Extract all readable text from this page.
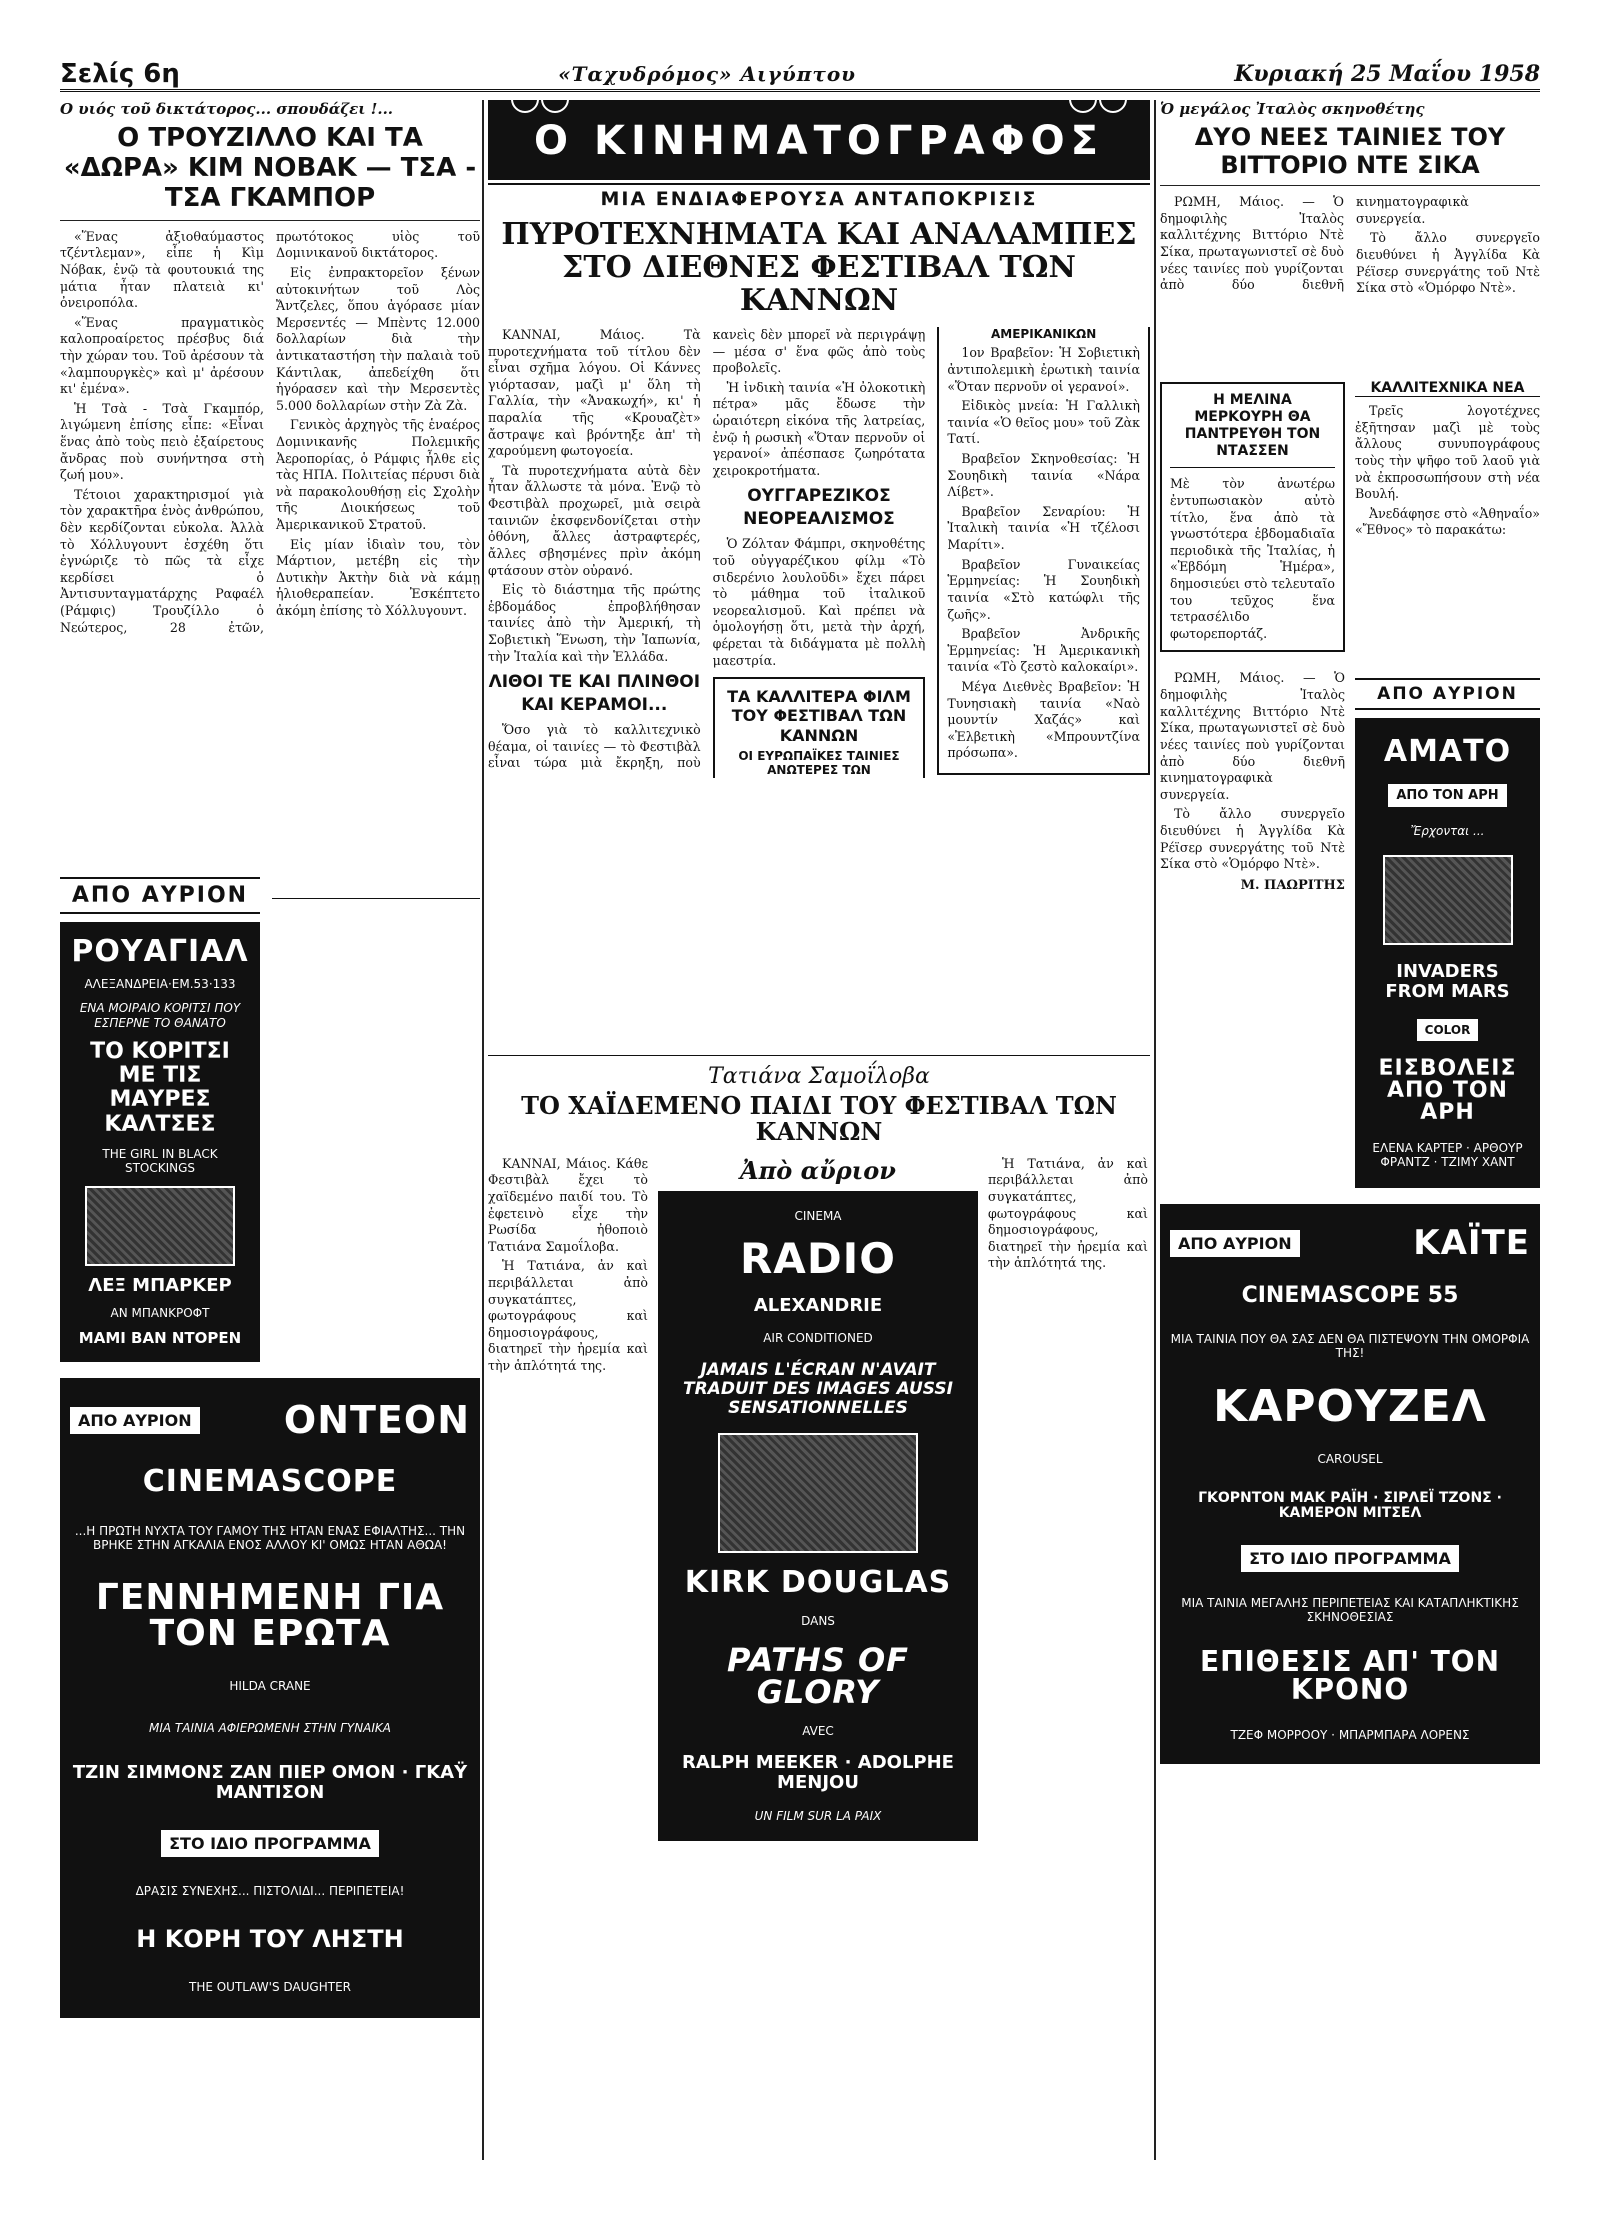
Σελίς 6η	«Ταχυδρόμος» Αιγύπτου	Κυριακή 25 Μαΐου 1958
Ο υιός τοῦ δικτάτορος... σπουδάζει !...
Ο ΤΡΟΥΖΙΛΛΟ ΚΑΙ ΤΑ «ΔΩΡΑ» ΚΙΜ ΝΟΒΑΚ — ΤΣΑ - ΤΣΑ ΓΚΑΜΠΟΡ

«Ἕνας ἀξιοθαύμαστος τζέντλεμαν», εἶπε ἡ Κὶμ Νόβακ, ἐνῷ τὰ φουτουκιά της μάτια ἦταν πλατειὰ κι' ὀνειροπόλα.

«Ἕνας πραγματικὸς καλοπροαίρετος πρέσβυς διά τὴν χώραν του. Τοῦ ἀρέσουν τὰ «λαμπουργκὲς» καὶ μ' ἀρέσουν κι' ἐμένα».

Ἡ Τσὰ - Τσὰ Γκαμπόρ, λιγώμενη ἐπίσης εἶπε: «Εἶναι ἕνας ἀπὸ τοὺς πειὸ ἐξαίρετους ἄνδρας ποὺ συνήντησα στὴ ζωή μου».

Τέτοιοι χαρακτηρισμοί γιὰ τὸν χαρακτῆρα ἑνὸς ἀνθρώπου, δὲν κερδίζονται εὐκολα. Ἀλλὰ τὸ Χόλλυγουντ ἐσχέθη ὅτι ἐγνώριζε τὸ πῶς τὰ εἶχε κερδίσει ὁ Ἀντισυνταγματάρχης Ραφαέλ (Ράμφις) Τρουζίλλο ὁ Νεώτερος, 28 ἐτῶν, πρωτότοκος υἱὸς τοῦ Δομινικανοῦ δικτάτορος.

Εἰς ἐνπρακτορεῖον ξένων αὐτοκινήτων τοῦ Λὸς Ἄντζελες, ὅπου ἀγόρασε μίαν Μερσεντές — Μπὲντς 12.000 δολλαρίων διὰ τὴν ἀντικαταστήση τὴν παλαιὰ τοῦ Κάντιλακ, ἀπεδείχθη ὅτι ἠγόρασεν καὶ τὴν Μερσεντὲς 5.000 δολλαρίων στὴν Ζὰ Ζὰ.

Γενικὸς ἀρχηγὸς τῆς ἑναέρος Δομινικανῆς Πολεμικῆς Ἀεροπορίας, ὁ Ράμφις ἦλθε εἰς τὰς ΗΠΑ. Πολιτείας πέρυσι διὰ νὰ παρακολουθήσῃ εἰς Σχολὴν τῆς Διοικήσεως τοῦ Ἀμερικανικοῦ Στρατοῦ.

Εἰς μίαν ἰδιαὶν του, τὸν Μάρτιον, μετέβη εἰς τὴν Δυτικὴν Ἀκτὴν διὰ νὰ κάμῃ ἡλιοθεραπείαν. Ἐσκέπτετο ἀκόμη ἐπίσης τὸ Χόλλυγουντ.

ΑΠΟ ΑΥΡΙΟΝ
ΡΟΥΑΓΙΑΛ
ΑΛΕΞΑΝΔΡΕΙΑ·ΕΜ.53·133
ΕΝΑ ΜΟΙΡΑΙΟ ΚΟΡΙΤΣΙ ΠΟΥ ΕΣΠΕΡΝΕ ΤΟ ΘΑΝΑΤΟ
ΤΟ ΚΟΡΙΤΣΙ ΜΕ ΤΙΣ ΜΑΥΡΕΣ ΚΑΛΤΣΕΣ
THE GIRL IN BLACK STOCKINGS
ΛΕΞ ΜΠΑΡΚΕΡ
ΑΝ ΜΠΑΝΚΡΟΦΤ
ΜΑΜΙ ΒΑΝ ΝΤΟΡΕΝ
ΑΠΟ ΑΥΡΙΟΝ ΟΝΤΕΟΝ
CINEMASCOPE
...Η ΠΡΩΤΗ ΝΥΧΤΑ ΤΟΥ ΓΑΜΟΥ ΤΗΣ ΗΤΑΝ ΕΝΑΣ ΕΦΙΑΛΤΗΣ... ΤΗΝ ΒΡΗΚΕ ΣΤΗΝ ΑΓΚΑΛΙΑ ΕΝΟΣ ΑΛΛΟΥ ΚΙ' ΟΜΩΣ ΗΤΑΝ ΑΘΩΑ!
ΓΕΝΝΗΜΕΝΗ ΓΙΑ ΤΟΝ ΕΡΩΤΑ
HILDA CRANE
ΜΙΑ ΤΑΙΝΙΑ ΑΦΙΕΡΩΜΕΝΗ ΣΤΗΝ ΓΥΝΑΙΚΑ
ΤΖΙΝ ΣΙΜΜΟΝΣ ΖΑΝ ΠΙΕΡ ΟΜΟΝ · ΓΚΑΫ ΜΑΝΤΙΣΟΝ
ΣΤΟ ΙΔΙΟ ΠΡΟΓΡΑΜΜΑ
ΔΡΑΣΙΣ ΣΥΝΕΧΗΣ... ΠΙΣΤΟΛΙΔΙ... ΠΕΡΙΠΕΤΕΙΑ!
Η ΚΟΡΗ ΤΟΥ ΛΗΣΤΗ
THE OUTLAW'S DAUGHTER
Ο ΚΙΝΗΜΑΤΟΓΡΑΦΟΣ
ΜΙΑ ΕΝΔΙΑΦΕΡΟΥΣΑ ΑΝΤΑΠΟΚΡΙΣΙΣ
ΠΥΡΟΤΕΧΝΗΜΑΤΑ ΚΑΙ ΑΝΑΛΑΜΠΕΣ ΣΤΟ ΔΙΕΘΝΕΣ ΦΕΣΤΙΒΑΛ ΤΩΝ ΚΑΝΝΩΝ

ΚΑΝΝΑΙ, Μάιος. Τὰ πυροτεχνήματα τοῦ τίτλου δὲν εἶναι σχῆμα λόγου. Οἱ Κάννες γιόρτασαν, μαζὶ μ' ὅλη τὴ Γαλλία, τὴν «Ἀνακωχή», κι' ἡ παραλία τῆς «Κρουαζὲτ» ἄστραψε καὶ βρόντηξε ἀπ' τὴ χαρούμενη φωτογοεία.

Τὰ πυροτεχνήματα αὐτὰ δὲν ἦταν ἄλλωστε τὰ μόνα. Ἐνῷ τὸ Φεστιβὰλ προχωρεῖ, μιὰ σειρὰ ταινιῶν ἐκσφενδονίζεται στὴν ὀθόνη, ἄλλες ἀστραφτερές, ἄλλες σβησμένες πρὶν ἀκόμη φτάσουν στὸν οὐρανό.

Εἰς τὸ διάστημα τῆς πρώτης ἑβδομάδος ἐπροβλήθησαν ταινίες ἀπὸ τὴν Ἀμερική, τὴ Σοβιετικὴ Ἕνωση, τὴν Ἰαπωνία, τὴν Ἰταλία καὶ τὴν Ἑλλάδα.

ΛΙΘΟΙ ΤΕ ΚΑΙ ΠΛΙΝΘΟΙ ΚΑΙ ΚΕΡΑΜΟΙ...

Ὅσο γιὰ τὸ καλλιτεχνικὸ θέαμα, οἱ ταινίες — τὸ Φεστιβὰλ εἶναι τώρα μιὰ ἔκρηξη, ποὺ κανεὶς δὲν μπορεῖ νὰ περιγράψῃ — μέσα σ' ἕνα φῶς ἀπὸ τοὺς προβολεῖς.

Ἡ ἰνδικὴ ταινία «Ἡ ὀλοκοτικὴ πέτρα» μᾶς ἔδωσε τὴν ὡραιότερη εἰκόνα τῆς λατρείας, ἐνῷ ἡ ρωσικὴ «Ὅταν περνοῦν οἱ γερανοί» ἀπέσπασε ζωηρότατα χειροκροτήματα.

ΟΥΓΓΑΡΕΖΙΚΟΣ ΝΕΟΡΕΑΛΙΣΜΟΣ

Ὁ Ζόλταν Φάμπρι, σκηνοθέτης τοῦ οὐγγαρέζικου φίλμ «Τὸ σιδερένιο λουλοῦδι» ἔχει πάρει τὸ μάθημα τοῦ ἰταλικοῦ νεορεαλισμοῦ. Καὶ πρέπει νὰ ὁμολογήσῃ ὅτι, μετὰ τὴν ἀρχή, φέρεται τὰ διδάγματα μὲ πολλὴ μαεστρία.

ΤΑ ΚΑΛΛΙΤΕΡΑ ΦΙΛΜ ΤΟΥ ΦΕΣΤΙΒΑΛ ΤΩΝ ΚΑΝΝΩΝ
ΟΙ ΕΥΡΩΠΑΪΚΕΣ ΤΑΙΝΙΕΣ ΑΝΩΤΕΡΕΣ ΤΩΝ ΑΜΕΡΙΚΑΝΙΚΩΝ

1ον Βραβεῖον: Ἡ Σοβιετικὴ ἀντιπολεμικὴ ἐρωτικὴ ταινία «Ὅταν περνοῦν οἱ γερανοί».

Εἰδικὸς μνεία: Ἡ Γαλλικὴ ταινία «Ὁ θεῖος μου» τοῦ Ζὰκ Τατί.

Βραβεῖον Σκηνοθεσίας: Ἡ Σουηδικὴ ταινία «Νάρα Λίβετ».

Βραβεῖον Σεναρίου: Ἡ Ἰταλικὴ ταινία «Ἡ τζέλοσι Μαρίτι».

Βραβεῖον Γυναικείας Ἑρμηνείας: Ἡ Σουηδικὴ ταινία «Στὸ κατώφλι τῆς ζωῆς».

Βραβεῖον Ἀνδρικῆς Ἑρμηνείας: Ἡ Ἀμερικανικὴ ταινία «Τὸ ζεστὸ καλοκαίρι».

Μέγα Διεθνὲς Βραβεῖον: Ἡ Τυνησιακὴ ταινία «Ναὸ μουντίν Χαζάς» καὶ «Ἐλβετικὴ «Μπρουντζίνα πρόσωπα».

Τατιάνα Σαμοΐλοβα
ΤΟ ΧΑΪΔΕΜΕΝΟ ΠΑΙΔΙ ΤΟΥ ΦΕΣΤΙΒΑΛ ΤΩΝ ΚΑΝΝΩΝ

ΚΑΝΝΑΙ, Μάιος. Κάθε Φεστιβὰλ ἔχει τὸ χαϊδεμένο παιδί του. Τὸ ἐφετεινὸ εἶχε τὴν Ρωσίδα ἠθοποιὸ Τατιάνα Σαμοΐλοβα.

Ἡ Τατιάνα, ἀν καὶ περιβάλλεται ἀπὸ συγκατάπτες, φωτογράφους καὶ δημοσιογράφους, διατηρεῖ τὴν ἠρεμία καὶ τὴν ἁπλότητά της.

Ἀπὸ αὔριον
CINEMA
RADIO
ALEXANDRIE
AIR CONDITIONED
JAMAIS L'ÉCRAN N'AVAIT TRADUIT DES IMAGES AUSSI SENSATIONNELLES
KIRK DOUGLAS
DANS
PATHS OF GLORY
AVEC
RALPH MEEKER · ADOLPHE MENJOU
UN FILM SUR LA PAIX

Ἡ Τατιάνα, ἀν καὶ περιβάλλεται ἀπὸ συγκατάπτες, φωτογράφους καὶ δημοσιογράφους, διατηρεῖ τὴν ἠρεμία καὶ τὴν ἁπλότητά της.

Ὁ μεγάλος Ἰταλὸς σκηνοθέτης
ΔΥΟ ΝΕΕΣ ΤΑΙΝΙΕΣ ΤΟΥ ΒΙΤΤΟΡΙΟ ΝΤΕ ΣΙΚΑ

ΡΩΜΗ, Μάιος. — Ὁ δημοφιλὴς Ἰταλὸς καλλιτέχνης Βιττόριο Ντὲ Σίκα, πρωταγωνιστεῖ σὲ δυὸ νέες ταινίες ποὺ γυρίζονται ἀπὸ δύο διεθνῆ κινηματογραφικὰ συνεργεία.

Τὸ ἄλλο συνεργεῖο διευθύνει ἡ Ἀγγλίδα Κὰ Ρέϊσερ συνεργάτης τοῦ Ντὲ Σίκα στὸ «Ὁμόρφο Ντὲ».

Η ΜΕΛΙΝΑ ΜΕΡΚΟΥΡΗ ΘΑ ΠΑΝΤΡΕΥΘΗ ΤΟΝ ΝΤΑΣΣΕΝ
Μὲ τὸν ἀνωτέρω ἐντυπωσιακὸν αὐτὸ τίτλο, ἕνα ἀπὸ τὰ γνωστότερα ἑβδομαδιαῖα περιοδικὰ τῆς Ἰταλίας, ἡ «Ἑβδόμη Ἡμέρα», δημοσιεύει στὸ τελευταῖο του τεῦχος ἕνα τετρασέλιδο φωτορεπορτάζ.
ΚΑΛΛΙΤΕΧΝΙΚΑ ΝΕΑ

Τρεῖς λογοτέχνες ἐξῆτησαν μαζὶ μὲ τοὺς ἄλλους συνυπογράφους τοὺς τὴν ψῆφο τοῦ λαοῦ γιὰ νὰ ἐκπροσωπήσουν στὴ νέα Βουλή.

Ἀνεδάφησε στὸ «Ἀθηναΐο» «Ἔθνος» τὸ παρακάτω:

ΡΩΜΗ, Μάιος. — Ὁ δημοφιλὴς Ἰταλὸς καλλιτέχνης Βιττόριο Ντὲ Σίκα, πρωταγωνιστεῖ σὲ δυὸ νέες ταινίες ποὺ γυρίζονται ἀπὸ δύο διεθνῆ κινηματογραφικὰ συνεργεία.

Τὸ ἄλλο συνεργεῖο διευθύνει ἡ Ἀγγλίδα Κὰ Ρέϊσερ συνεργάτης τοῦ Ντὲ Σίκα στὸ «Ὁμόρφο Ντὲ».

Μ. ΠΑΩΡΙΤΗΣ
ΑΠΟ ΑΥΡΙΟΝ
ΑΜΑΤΟ
ΑΠΟ ΤΟΝ ΑΡΗ
Ἔρχονται ...
INVADERS FROM MARS
COLOR
ΕΙΣΒΟΛΕΙΣ ΑΠΟ ΤΟΝ ΑΡΗ
ΕΛΕΝΑ ΚΑΡΤΕΡ · ΑΡΘΟΥΡ ΦΡΑΝΤΖ · ΤΖΙΜΥ ΧΑΝΤ
ΑΠΟ ΑΥΡΙΟΝ	ΚΑΪΤΕ
CINEMASCOPE 55
ΜΙΑ ΤΑΙΝΙΑ ΠΟΥ ΘΑ ΣΑΣ ΔΕΝ ΘΑ ΠΙΣΤΕΨΟΥΝ ΤΗΝ ΟΜΟΡΦΙΑ ΤΗΣ!
ΚΑΡΟΥΖΕΛ
CAROUSEL
ΓΚΟΡΝΤΟΝ ΜΑΚ ΡΑΪΗ · ΣΙΡΛΕΪ ΤΖΟΝΣ · ΚΑΜΕΡΟΝ ΜΙΤΣΕΛ
ΣΤΟ ΙΔΙΟ ΠΡΟΓΡΑΜΜΑ
ΜΙΑ ΤΑΙΝΙΑ ΜΕΓΑΛΗΣ ΠΕΡΙΠΕΤΕΙΑΣ ΚΑΙ ΚΑΤΑΠΛΗΚΤΙΚΗΣ ΣΚΗΝΟΘΕΣΙΑΣ
ΕΠΙΘΕΣΙΣ ΑΠ' ΤΟΝ ΚΡΟΝΟ
ΤΖΕΦ ΜΟΡΡΟΟΥ · ΜΠΑΡΜΠΑΡΑ ΛΟΡΕΝΣ
